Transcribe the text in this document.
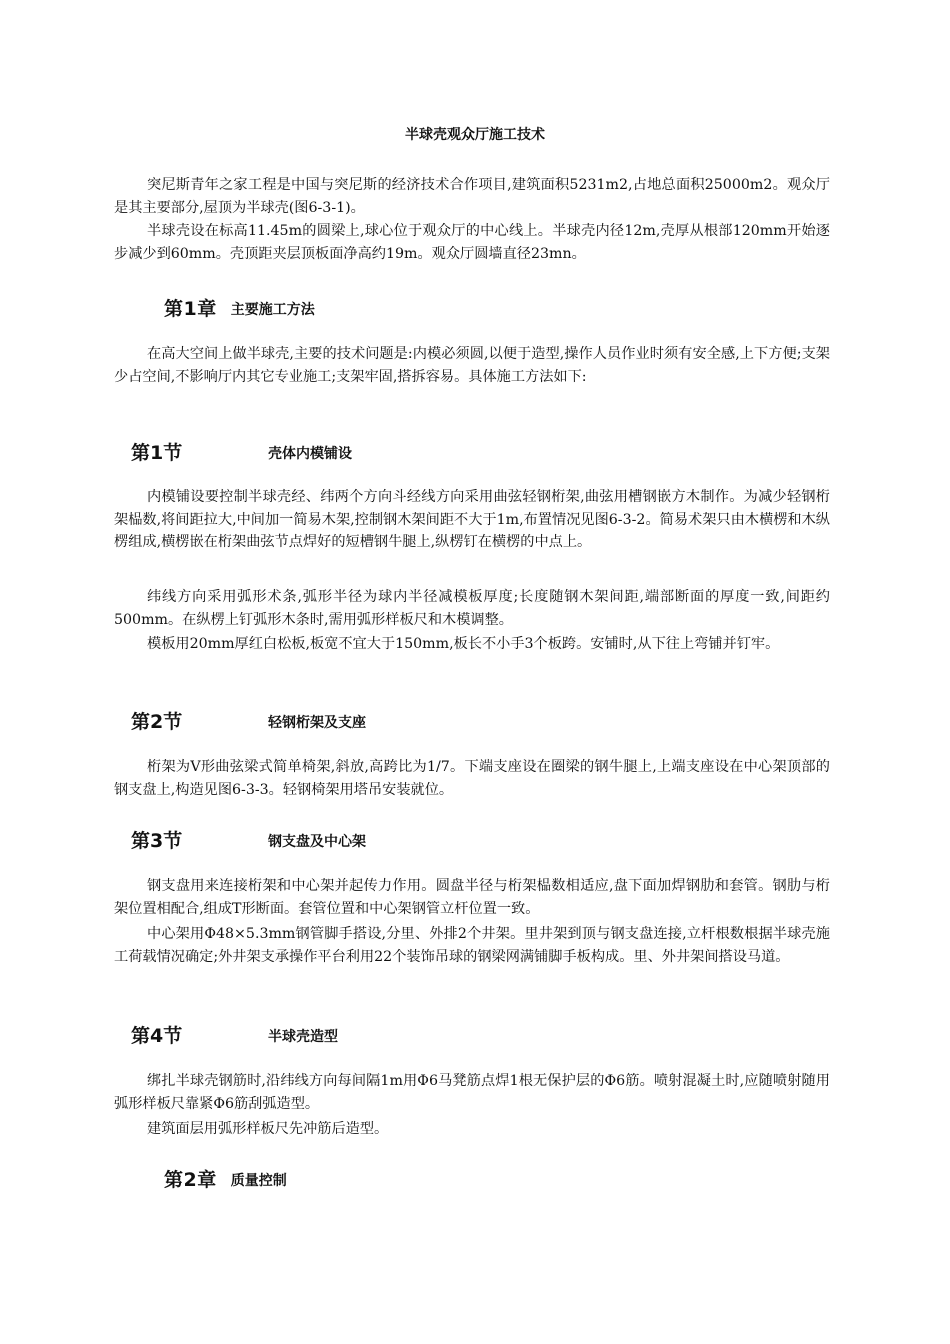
半球壳观众厅施工技术

突尼斯青年之家工程是中国与突尼斯的经济技术合作项目,建筑面积5231m2,占地总面积25000m2。观众厅是其主要部分,屋顶为半球壳(图6-3-1)。

半球壳设在标高11.45m的圆梁上,球心位于观众厅的中心线上。半球壳内径12m,壳厚从根部120mm开始逐步减少到60mm。壳顶距夹层顶板面净高约19m。观众厅圆墙直径23mn。

第1章 主要施工方法

在高大空间上做半球壳,主要的技术问题是:内模必须圆,以便于造型,操作人员作业时须有安全感,上下方便;支架少占空间,不影响厅内其它专业施工;支架牢固,搭拆容易。具体施工方法如下:

第1节	壳体内模铺设

内模铺设要控制半球壳经、纬两个方向斗经线方向采用曲弦轻钢桁架,曲弦用槽钢嵌方木制作。为减少轻钢桁架榀数,将间距拉大,中间加一简易木架,控制钢木架间距不大于1m,布置情况见图6-3-2。简易术架只由木横楞和木纵楞组成,横楞嵌在桁架曲弦节点焊好的短槽钢牛腿上,纵楞钉在横楞的中点上。

纬线方向采用弧形术条,弧形半径为球内半径减模板厚度;长度随钢木架间距,端部断面的厚度一致,间距约500mm。在纵楞上钉弧形木条时,需用弧形样板尺和木模调整。

模板用20mm厚红白松板,板宽不宜大于150mm,板长不小手3个板跨。安铺时,从下往上弯铺并钉牢。

第2节	轻钢桁架及支座

桁架为V形曲弦梁式简单椅架,斜放,高跨比为1/7。下端支座设在圈梁的钢牛腿上,上端支座设在中心架顶部的钢支盘上,构造见图6-3-3。轻钢椅架用塔吊安装就位。

第3节	钢支盘及中心架

钢支盘用来连接桁架和中心架并起传力作用。圆盘半径与桁架榀数相适应,盘下面加焊钢肋和套管。钢肋与桁架位置相配合,组成T形断面。套管位置和中心架钢管立杆位置一致。

中心架用Φ48×5.3mm钢管脚手搭设,分里、外排2个井架。里井架到顶与钢支盘连接,立杆根数根据半球壳施工荷载情况确定;外井架支承操作平台利用22个装饰吊球的钢梁网满铺脚手板构成。里、外井架间搭设马道。

第4节	半球壳造型

绑扎半球壳钢筋时,沿纬线方向每间隔1m用Φ6马凳筋点焊1根无保护层的Φ6筋。喷射混凝土时,应随喷射随用弧形样板尺靠紧Φ6筋刮弧造型。

建筑面层用弧形样板尺先冲筋后造型。

第2章 质量控制
